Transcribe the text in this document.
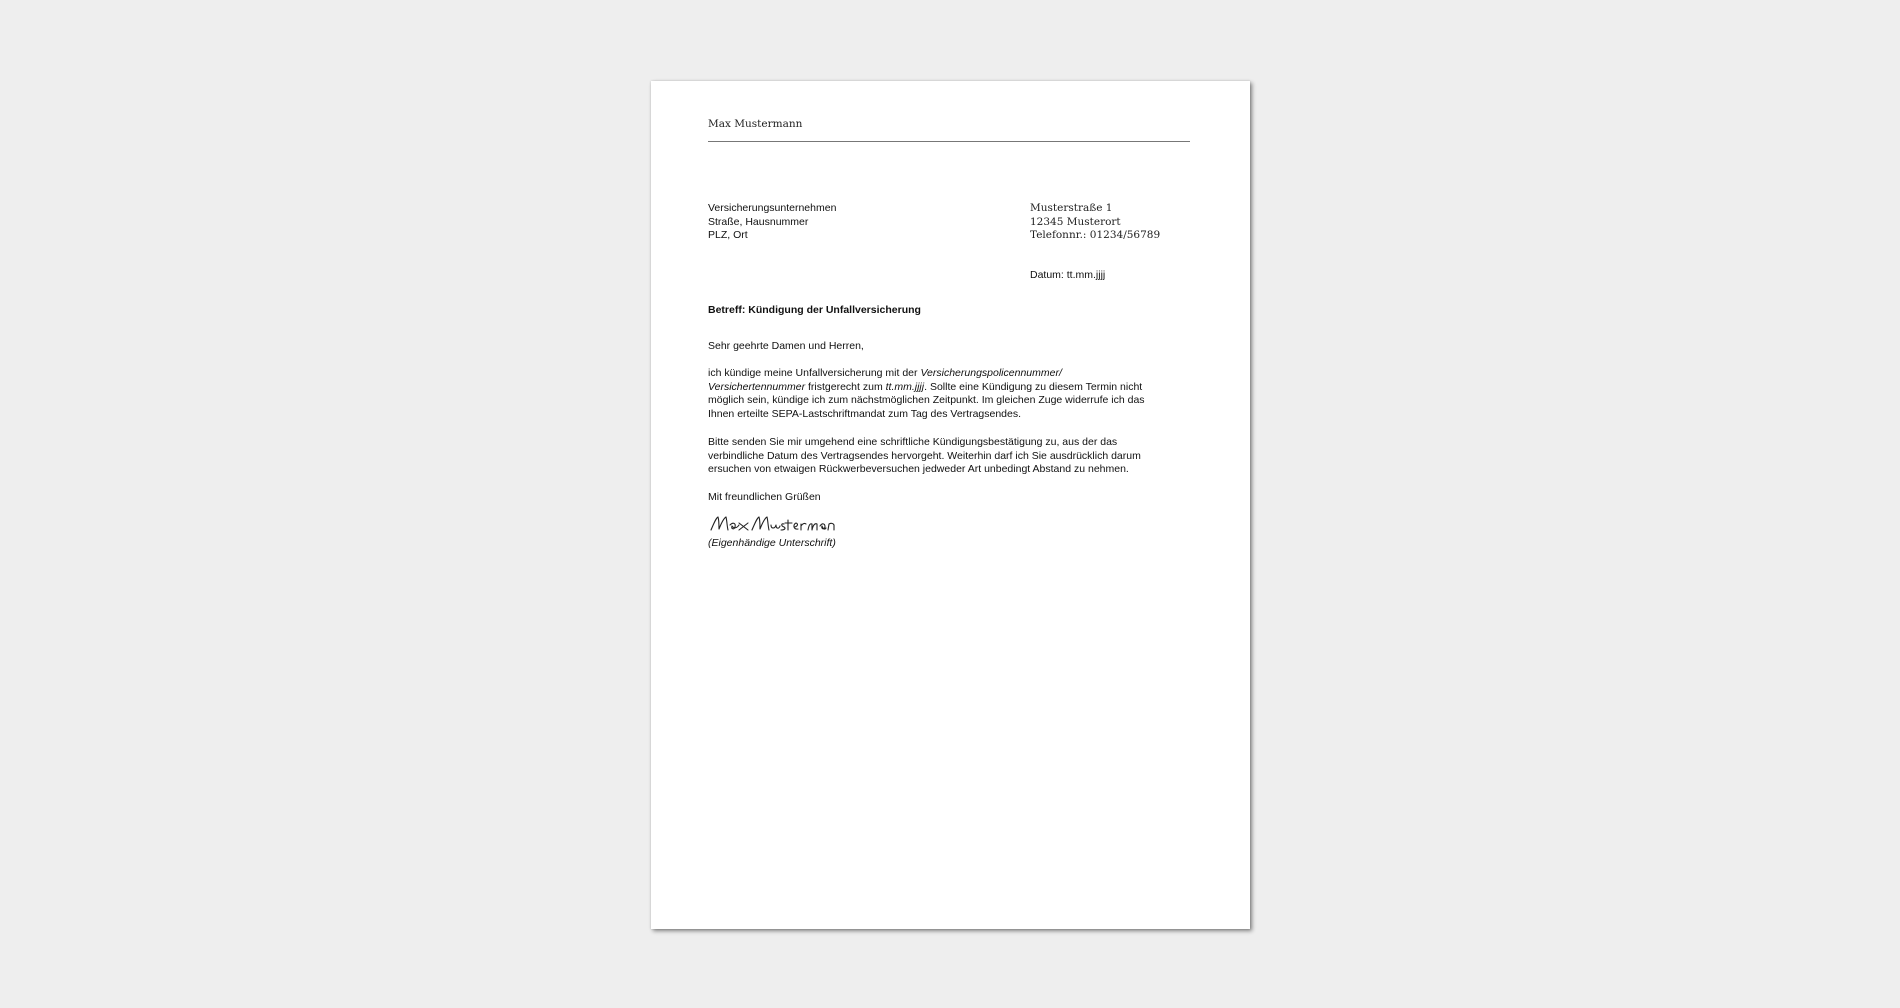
Max Mustermann
Versicherungsunternehmen
Straße, Hausnummer
PLZ, Ort
Musterstraße 1
12345 Musterort
Telefonnr.: 01234/56789
Datum: tt.mm.jjjj
Betreff: Kündigung der Unfallversicherung
Sehr geehrte Damen und Herren,
ich kündige meine Unfallversicherung mit der Versicherungspolicennummer/
Versichertennummer fristgerecht zum tt.mm.jjjj. Sollte eine Kündigung zu diesem Termin nicht
möglich sein, kündige ich zum nächstmöglichen Zeitpunkt. Im gleichen Zuge widerrufe ich das
Ihnen erteilte SEPA-Lastschriftmandat zum Tag des Vertragsendes.
Bitte senden Sie mir umgehend eine schriftliche Kündigungsbestätigung zu, aus der das
verbindliche Datum des Vertragsendes hervorgeht. Weiterhin darf ich Sie ausdrücklich darum
ersuchen von etwaigen Rückwerbeversuchen jedweder Art unbedingt Abstand zu nehmen.
Mit freundlichen Grüßen
(Eigenhändige Unterschrift)
